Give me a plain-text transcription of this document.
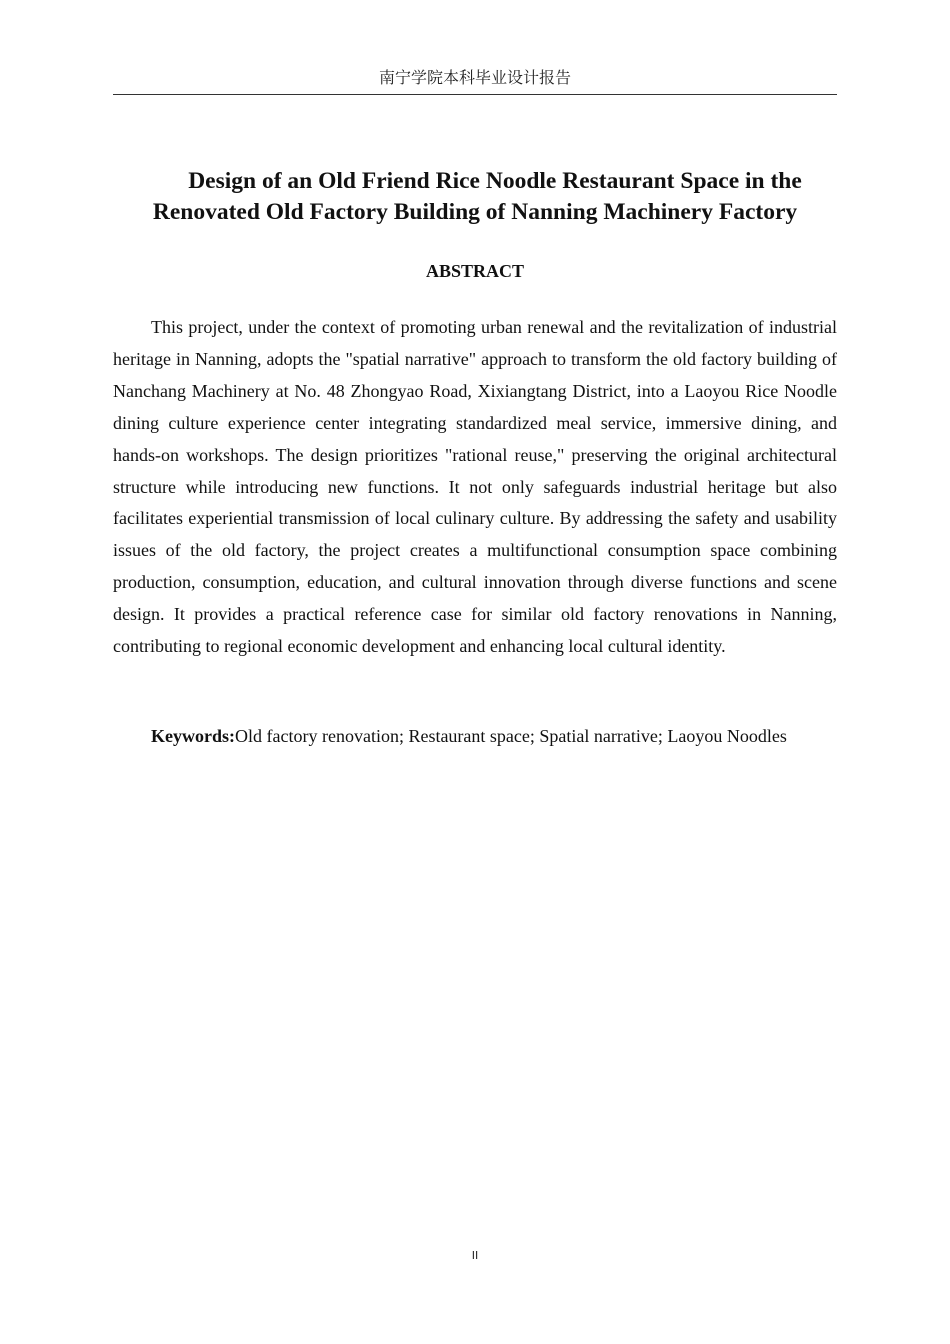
南宁学院本科毕业设计报告
Design of an Old Friend Rice Noodle Restaurant Space in the
Renovated Old Factory Building of Nanning Machinery Factory
ABSTRACT

This project, under the context of promoting urban renewal and the revitalization of industrial heritage in Nanning, adopts the "spatial narrative" approach to transform the old factory building of Nanchang Machinery at No. 48 Zhongyao Road, Xixiangtang District, into a Laoyou Rice Noodle dining culture experience center integrating standardized meal service, immersive dining, and hands-on workshops. The design prioritizes "rational reuse," preserving the original architectural structure while introducing new functions. It not only safeguards industrial heritage but also facilitates experiential transmission of local culinary culture. By addressing the safety and usability issues of the old factory, the project creates a multifunctional consumption space combining production, consumption, education, and cultural innovation through diverse functions and scene design. It provides a practical reference case for similar old factory renovations in Nanning, contributing to regional economic development and enhancing local cultural identity.

Keywords:Old factory renovation; Restaurant space; Spatial narrative; Laoyou Noodles
II
